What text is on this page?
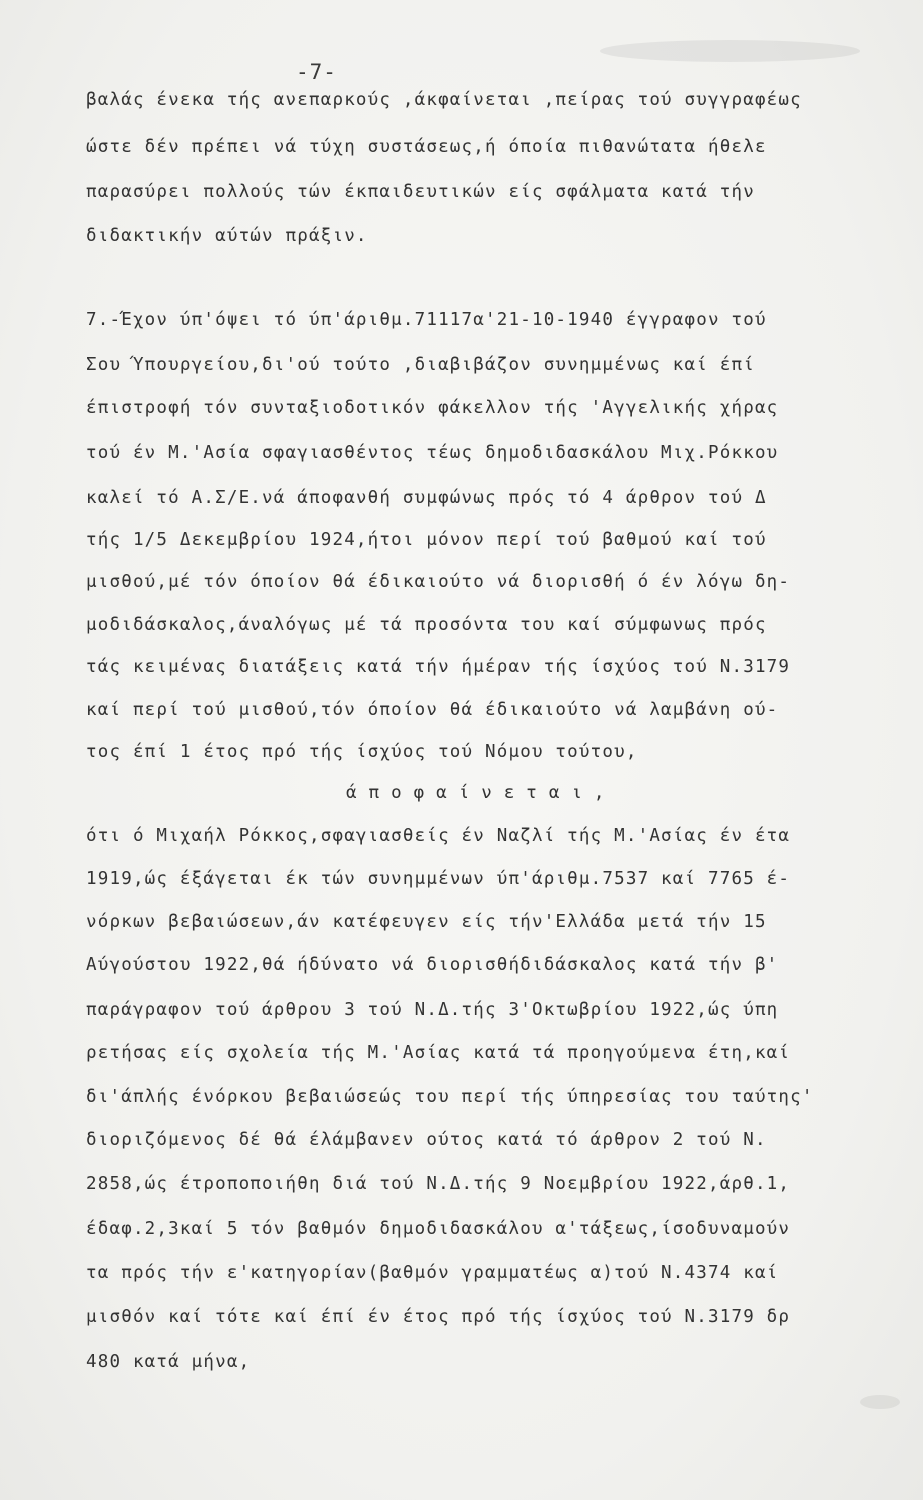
-7-
βαλάς ένεκα τής ανεπαρκούς ,άκφαίνεται ,πείρας τού συγγραφέως
ώστε δέν πρέπει νά τύχη συστάσεως,ή όποία πιθανώτατα ήθελε
παρασύρει πολλούς τών έκπαιδευτικών είς σφάλματα κατά τήν
διδακτικήν αύτών πράξιν.
7.-Έχον ύπ'όψει τό ύπ'άριθμ.71117α'21-10-1940 έγγραφον τού
Σου Ύπουργείου,δι'ού τούτο ,διαβιβάζον συνημμένως καί έπί
έπιστροφή τόν συνταξιοδοτικόν φάκελλον τής 'Αγγελικής χήρας
τού έν Μ.'Ασία σφαγιασθέντος τέως δημοδιδασκάλου Μιχ.Ρόκκου
καλεί τό Α.Σ/Ε.νά άποφανθή συμφώνως πρός τό 4 άρθρον τού Δ
τής 1/5 Δεκεμβρίου 1924,ήτοι μόνον περί τού βαθμού καί τού
μισθού,μέ τόν όποίον θά έδικαιούτο νά διορισθή ό έν λόγω δη-
μοδιδάσκαλος,άναλόγως μέ τά προσόντα του καί σύμφωνως πρός
τάς κειμένας διατάξεις κατά τήν ήμέραν τής ίσχύος τού Ν.3179
καί περί τού μισθού,τόν όποίον θά έδικαιούτο νά λαμβάνη ού-
τος έπί 1 έτος πρό τής ίσχύος τού Νόμου τούτου,
άποφαίνεται,
ότι ό Μιχαήλ Ρόκκος,σφαγιασθείς έν Ναζλί τής Μ.'Ασίας έν έτα
1919,ώς έξάγεται έκ τών συνημμένων ύπ'άριθμ.7537 καί 7765 έ-
νόρκων βεβαιώσεων,άν κατέφευγεν είς τήν'Ελλάδα μετά τήν 15
Αύγούστου 1922,θά ήδύνατο νά διορισθήδιδάσκαλος κατά τήν β'
παράγραφον τού άρθρου 3 τού Ν.Δ.τής 3'Οκτωβρίου 1922,ώς ύπη
ρετήσας είς σχολεία τής Μ.'Ασίας κατά τά προηγούμενα έτη,καί
δι'άπλής ένόρκου βεβαιώσεώς του περί τής ύπηρεσίας του ταύτης'
διοριζόμενος δέ θά έλάμβανεν ούτος κατά τό άρθρον 2 τού Ν.
2858,ώς έτροποποιήθη διά τού Ν.Δ.τής 9 Νοεμβρίου 1922,άρθ.1,
έδαφ.2,3καί 5 τόν βαθμόν δημοδιδασκάλου α'τάξεως,ίσοδυναμούν
τα πρός τήν ε'κατηγορίαν(βαθμόν γραμματέως α)τού Ν.4374 καί
μισθόν καί τότε καί έπί έν έτος πρό τής ίσχύος τού Ν.3179 δρ
480 κατά μήνα,
